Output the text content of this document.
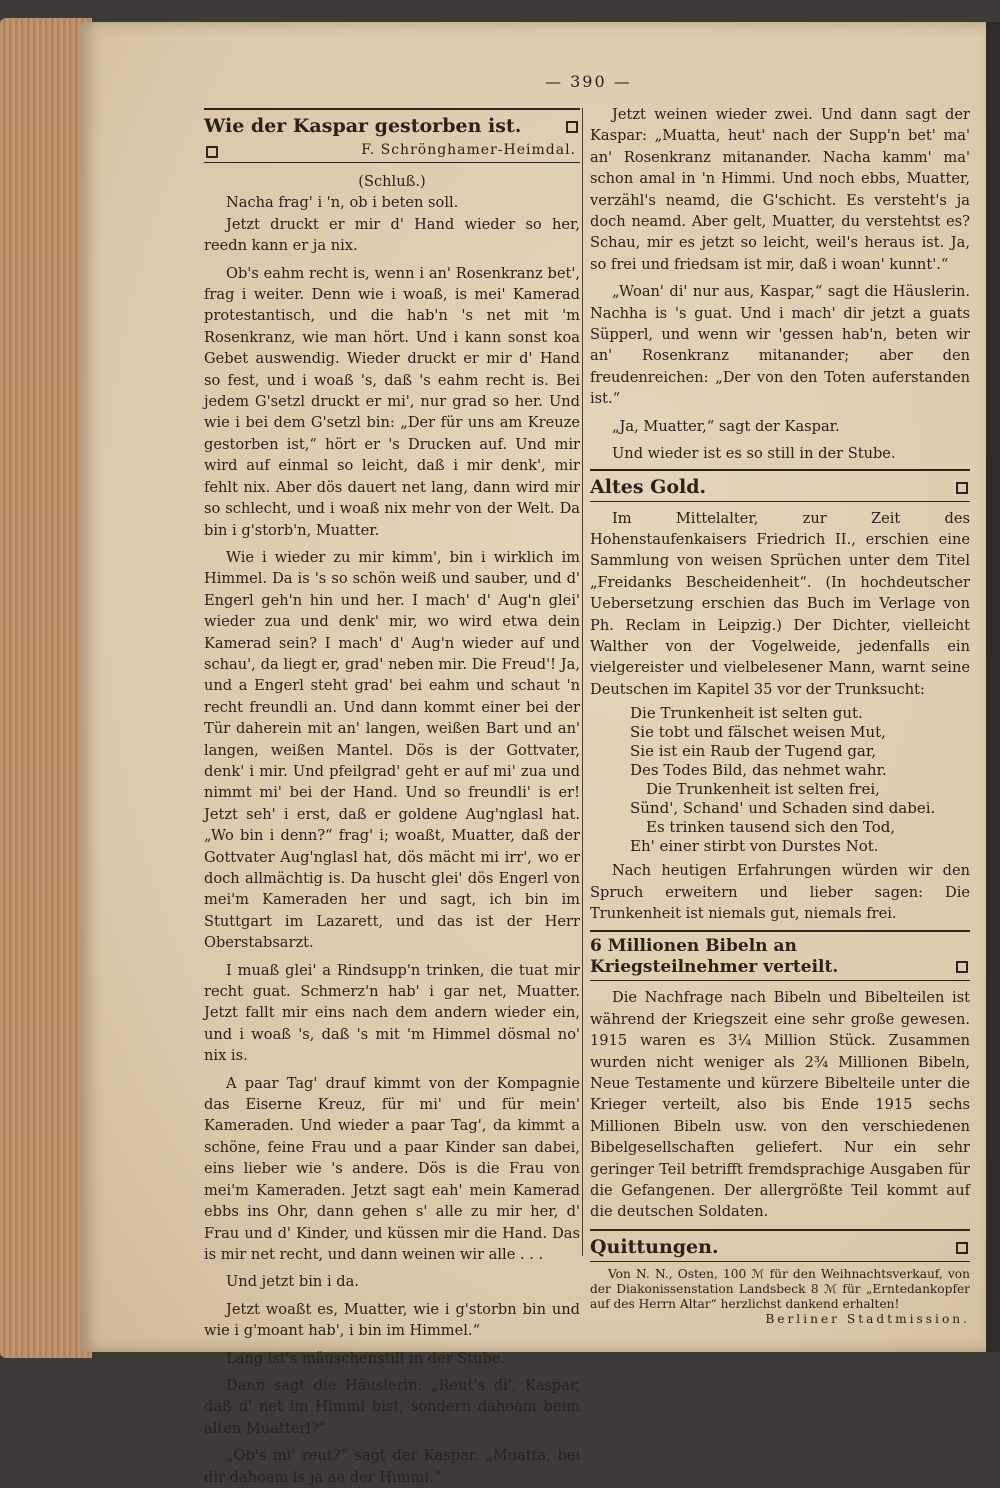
— 390 —
Wie der Kaspar gestorben ist.
F. Schrönghamer-Heimdal.

(Schluß.)

Nacha frag' i 'n, ob i beten soll.

Jetzt druckt er mir d' Hand wieder so her, reedn kann er ja nix.

Ob's eahm recht is, wenn i an' Rosenkranz bet', frag i weiter. Denn wie i woaß, is mei' Kamerad protestantisch, und die hab'n 's net mit 'm Rosenkranz, wie man hört. Und i kann sonst koa Gebet auswendig. Wieder druckt er mir d' Hand so fest, und i woaß 's, daß 's eahm recht is. Bei jedem G'setzl druckt er mi', nur grad so her. Und wie i bei dem G'setzl bin: „Der für uns am Kreuze gestorben ist,“ hört er 's Drucken auf. Und mir wird auf einmal so leicht, daß i mir denk', mir fehlt nix. Aber dös dauert net lang, dann wird mir so schlecht, und i woaß nix mehr von der Welt. Da bin i g'storb'n, Muatter.

Wie i wieder zu mir kimm', bin i wirklich im Himmel. Da is 's so schön weiß und sauber, und d' Engerl geh'n hin und her. I mach' d' Aug'n glei' wieder zua und denk' mir, wo wird etwa dein Kamerad sein? I mach' d' Aug'n wieder auf und schau', da liegt er, grad' neben mir. Die Freud'! Ja, und a Engerl steht grad' bei eahm und schaut 'n recht freundli an. Und dann kommt einer bei der Tür daherein mit an' langen, weißen Bart und an' langen, weißen Mantel. Dös is der Gottvater, denk' i mir. Und pfeilgrad' geht er auf mi' zua und nimmt mi' bei der Hand. Und so freundli' is er! Jetzt seh' i erst, daß er goldene Aug'nglasl hat. „Wo bin i denn?“ frag' i; woaßt, Muatter, daß der Gottvater Aug'nglasl hat, dös mächt mi irr', wo er doch allmächtig is. Da huscht glei' dös Engerl von mei'm Kameraden her und sagt, ich bin im Stuttgart im Lazarett, und das ist der Herr Oberstabsarzt.

I muaß glei' a Rindsupp'n trinken, die tuat mir recht guat. Schmerz'n hab' i gar net, Muatter. Jetzt fallt mir eins nach dem andern wieder ein, und i woaß 's, daß 's mit 'm Himmel dösmal no' nix is.

A paar Tag' drauf kimmt von der Kompagnie das Eiserne Kreuz, für mi' und für mein' Kameraden. Und wieder a paar Tag', da kimmt a schöne, feine Frau und a paar Kinder san dabei, eins lieber wie 's andere. Dös is die Frau von mei'm Kameraden. Jetzt sagt eah' mein Kamerad ebbs ins Ohr, dann gehen s' alle zu mir her, d' Frau und d' Kinder, und küssen mir die Hand. Das is mir net recht, und dann weinen wir alle . . .

Und jetzt bin i da.

Jetzt woaßt es, Muatter, wie i g'storbn bin und wie i g'moant hab', i bin im Himmel.“

Lang ist's mäuschenstill in der Stube.

Dann sagt die Häuslerin: „Reut's di', Kaspar, daß d' net im Himmi bist, sondern dahoam beim alten Muatterl?“

„Ob's mi' reut?“ sagt der Kaspar. „Muatta, bei dir dahoam is ja aa der Himmi.“

Jetzt weinen wieder zwei. Und dann sagt der Kaspar: „Muatta, heut' nach der Supp'n bet' ma' an' Rosenkranz mitanander. Nacha kamm' ma' schon amal in 'n Himmi. Und noch ebbs, Muatter, verzähl's neamd, die G'schicht. Es versteht's ja doch neamd. Aber gelt, Muatter, du verstehtst es? Schau, mir es jetzt so leicht, weil's heraus ist. Ja, so frei und friedsam ist mir, daß i woan' kunnt'.“

„Woan' di' nur aus, Kaspar,“ sagt die Häuslerin. Nachha is 's guat. Und i mach' dir jetzt a guats Süpperl, und wenn wir 'gessen hab'n, beten wir an' Rosenkranz mitanander; aber den freudenreichen: „Der von den Toten auferstanden ist.“

„Ja, Muatter,“ sagt der Kaspar.

Und wieder ist es so still in der Stube.

Altes Gold.

Im Mittelalter, zur Zeit des Hohenstaufenkaisers Friedrich II., erschien eine Sammlung von weisen Sprüchen unter dem Titel „Freidanks Bescheidenheit“. (In hochdeutscher Uebersetzung erschien das Buch im Verlage von Ph. Reclam in Leipzig.) Der Dichter, vielleicht Walther von der Vogelweide, jedenfalls ein vielgereister und vielbelesener Mann, warnt seine Deutschen im Kapitel 35 vor der Trunksucht:

Die Trunkenheit ist selten gut.
Sie tobt und fälschet weisen Mut,
Sie ist ein Raub der Tugend gar,
Des Todes Bild, das nehmet wahr.
Die Trunkenheit ist selten frei,
Sünd', Schand' und Schaden sind dabei.
Es trinken tausend sich den Tod,
Eh' einer stirbt von Durstes Not.

Nach heutigen Erfahrungen würden wir den Spruch erweitern und lieber sagen: Die Trunkenheit ist niemals gut, niemals frei.

6 Millionen Bibeln an Kriegsteilnehmer verteilt.

Die Nachfrage nach Bibeln und Bibelteilen ist während der Kriegszeit eine sehr große gewesen. 1915 waren es 3¼ Million Stück. Zusammen wurden nicht weniger als 2¾ Millionen Bibeln, Neue Testamente und kürzere Bibelteile unter die Krieger verteilt, also bis Ende 1915 sechs Millionen Bibeln usw. von den verschiedenen Bibelgesellschaften geliefert. Nur ein sehr geringer Teil betrifft fremdsprachige Ausgaben für die Gefangenen. Der allergrößte Teil kommt auf die deutschen Soldaten.

Quittungen.

Von N. N., Osten, 100 ℳ für den Weihnachtsverkauf, von der Diakonissenstation Landsbeck 8 ℳ für „Erntedankopfer auf des Herrn Altar“ herzlichst dankend erhalten!

Berliner Stadtmission.
